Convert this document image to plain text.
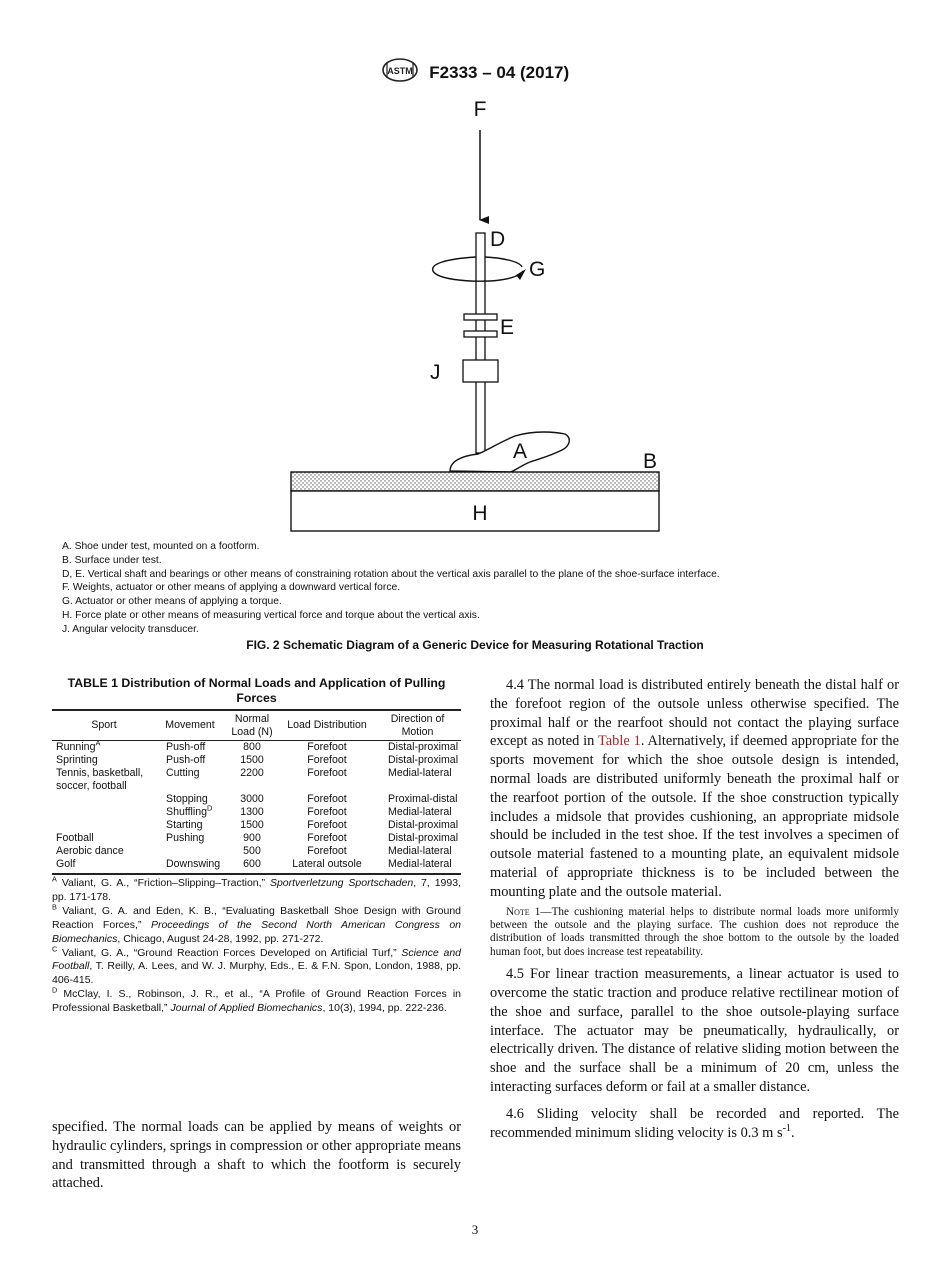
ASTM F2333 – 04 (2017)
F
D
G
E
J
A	B
H
A. Shoe under test, mounted on a footform.
B. Surface under test.
D, E. Vertical shaft and bearings or other means of constraining rotation about the vertical axis parallel to the plane of the shoe-surface interface.
F. Weights, actuator or other means of applying a downward vertical force.
G. Actuator or other means of applying a torque.
H. Force plate or other means of measuring vertical force and torque about the vertical axis.
J. Angular velocity transducer.
FIG. 2 Schematic Diagram of a Generic Device for Measuring Rotational Traction
TABLE 1 Distribution of Normal Loads and Application of Pulling Forces
Sport	Movement	Normal Load (N)	Load Distribution	Direction of Motion
Running$^A$	Push-off	800	Forefoot	Distal-proximal
Sprinting	Push-off	1500	Forefoot	Distal-proximal
Tennis, basketball, soccer, football	Cutting	2200	Forefoot	Medial-lateral
	Stopping	3000	Forefoot	Proximal-distal
	Shuffling$^D$	1300	Forefoot	Medial-lateral
	Starting	1500	Forefoot	Distal-proximal
Football	Pushing	900	Forefoot	Distal-proximal
Aerobic dance		500	Forefoot	Medial-lateral
Golf	Downswing	600	Lateral outsole	Medial-lateral

$^A$ Valiant, G. A., “Friction–Slipping–Traction,” Sportverletzung Sportschaden, 7, 1993, pp. 171-178.

$^B$ Valiant, G. A. and Eden, K. B., “Evaluating Basketball Shoe Design with Ground Reaction Forces,” Proceedings of the Second North American Congress on Biomechanics, Chicago, August 24-28, 1992, pp. 271-272.

$^C$ Valiant, G. A., “Ground Reaction Forces Developed on Artificial Turf,” Science and Football, T. Reilly, A. Lees, and W. J. Murphy, Eds., E. & F.N. Spon, London, 1988, pp. 406-415.

$^D$ McClay, I. S., Robinson, J. R., et al., “A Profile of Ground Reaction Forces in Professional Basketball,” Journal of Applied Biomechanics, 10(3), 1994, pp. 222-236.

specified. The normal loads can be applied by means of weights or hydraulic cylinders, springs in compression or other appropriate means and transmitted through a shaft to which the footform is securely attached.

4.4 The normal load is distributed entirely beneath the distal half or the forefoot region of the outsole unless otherwise specified. The proximal half or the rearfoot should not contact the playing surface except as noted in Table 1. Alternatively, if deemed appropriate for the sports movement for which the shoe outsole design is intended, normal loads are distributed uniformly beneath the proximal half or the rearfoot portion of the outsole. If the shoe construction typically includes a midsole that provides cushioning, an appropriate midsole should be included in the test shoe. If the test involves a specimen of outsole material fastened to a mounting plate, an equivalent midsole material of appropriate thickness is to be included between the mounting plate and the outsole material.

Note 1—The cushioning material helps to distribute normal loads more uniformly between the outsole and the playing surface. The cushion does not reproduce the distribution of loads transmitted through the shoe bottom to the outsole by the loaded human foot, but does increase test repeatability.

4.5 For linear traction measurements, a linear actuator is used to overcome the static traction and produce relative rectilinear motion of the shoe and surface, parallel to the shoe outsole-playing surface interface. The actuator may be pneumatically, hydraulically, or electrically driven. The distance of relative sliding motion between the shoe and the surface shall be a minimum of 20 cm, unless the interacting surfaces deform or fail at a smaller distance.

4.6 Sliding velocity shall be recorded and reported. The recommended minimum sliding velocity is 0.3 m $s^{-1}$.

3
